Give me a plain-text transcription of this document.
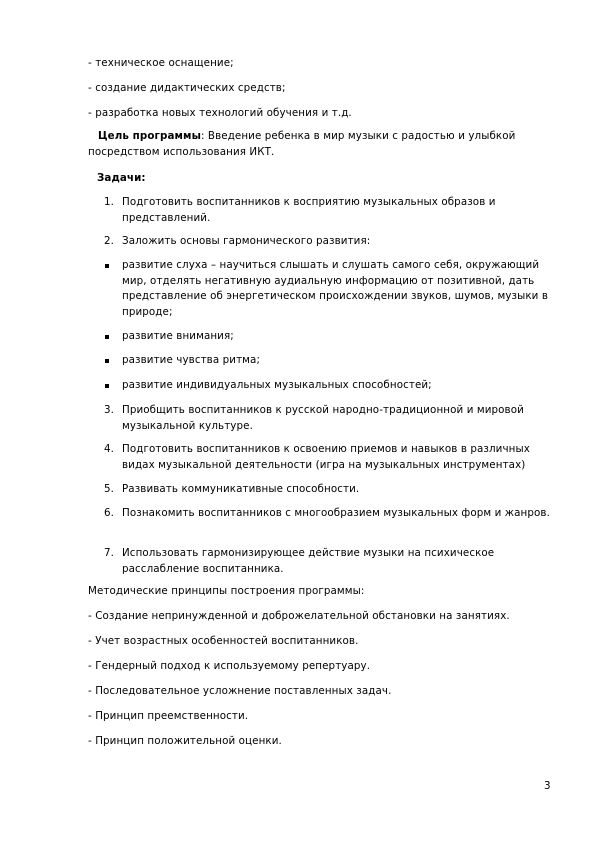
- техническое оснащение;
- создание дидактических средств;
- разработка новых технологий обучения и т.д.
Цель программы: Введение ребенка в мир музыки с радостью и улыбкой посредством использования ИКТ.
Задачи:
1. Подготовить воспитанников к восприятию музыкальных образов и представлений.
2. Заложить основы гармонического развития:
развитие слуха – научиться слышать и слушать самого себя, окружающий мир, отделять негативную аудиальную информацию от позитивной, дать представление об энергетическом происхождении звуков, шумов, музыки в природе;
развитие внимания;
развитие чувства ритма;
развитие индивидуальных музыкальных способностей;
3. Приобщить воспитанников к русской народно-традиционной и мировой музыкальной культуре.
4. Подготовить воспитанников к освоению приемов и навыков в различных видах музыкальной деятельности (игра на музыкальных инструментах)
5. Развивать коммуникативные способности.
6. Познакомить воспитанников с многообразием музыкальных форм и жанров.
7. Использовать гармонизирующее действие музыки на психическое расслабление воспитанника.
Методические принципы построения программы:
- Создание непринужденной и доброжелательной обстановки на занятиях.
- Учет возрастных особенностей воспитанников.
- Гендерный подход к используемому репертуару.
- Последовательное усложнение поставленных задач.
- Принцип преемственности.
- Принцип положительной оценки.
3
